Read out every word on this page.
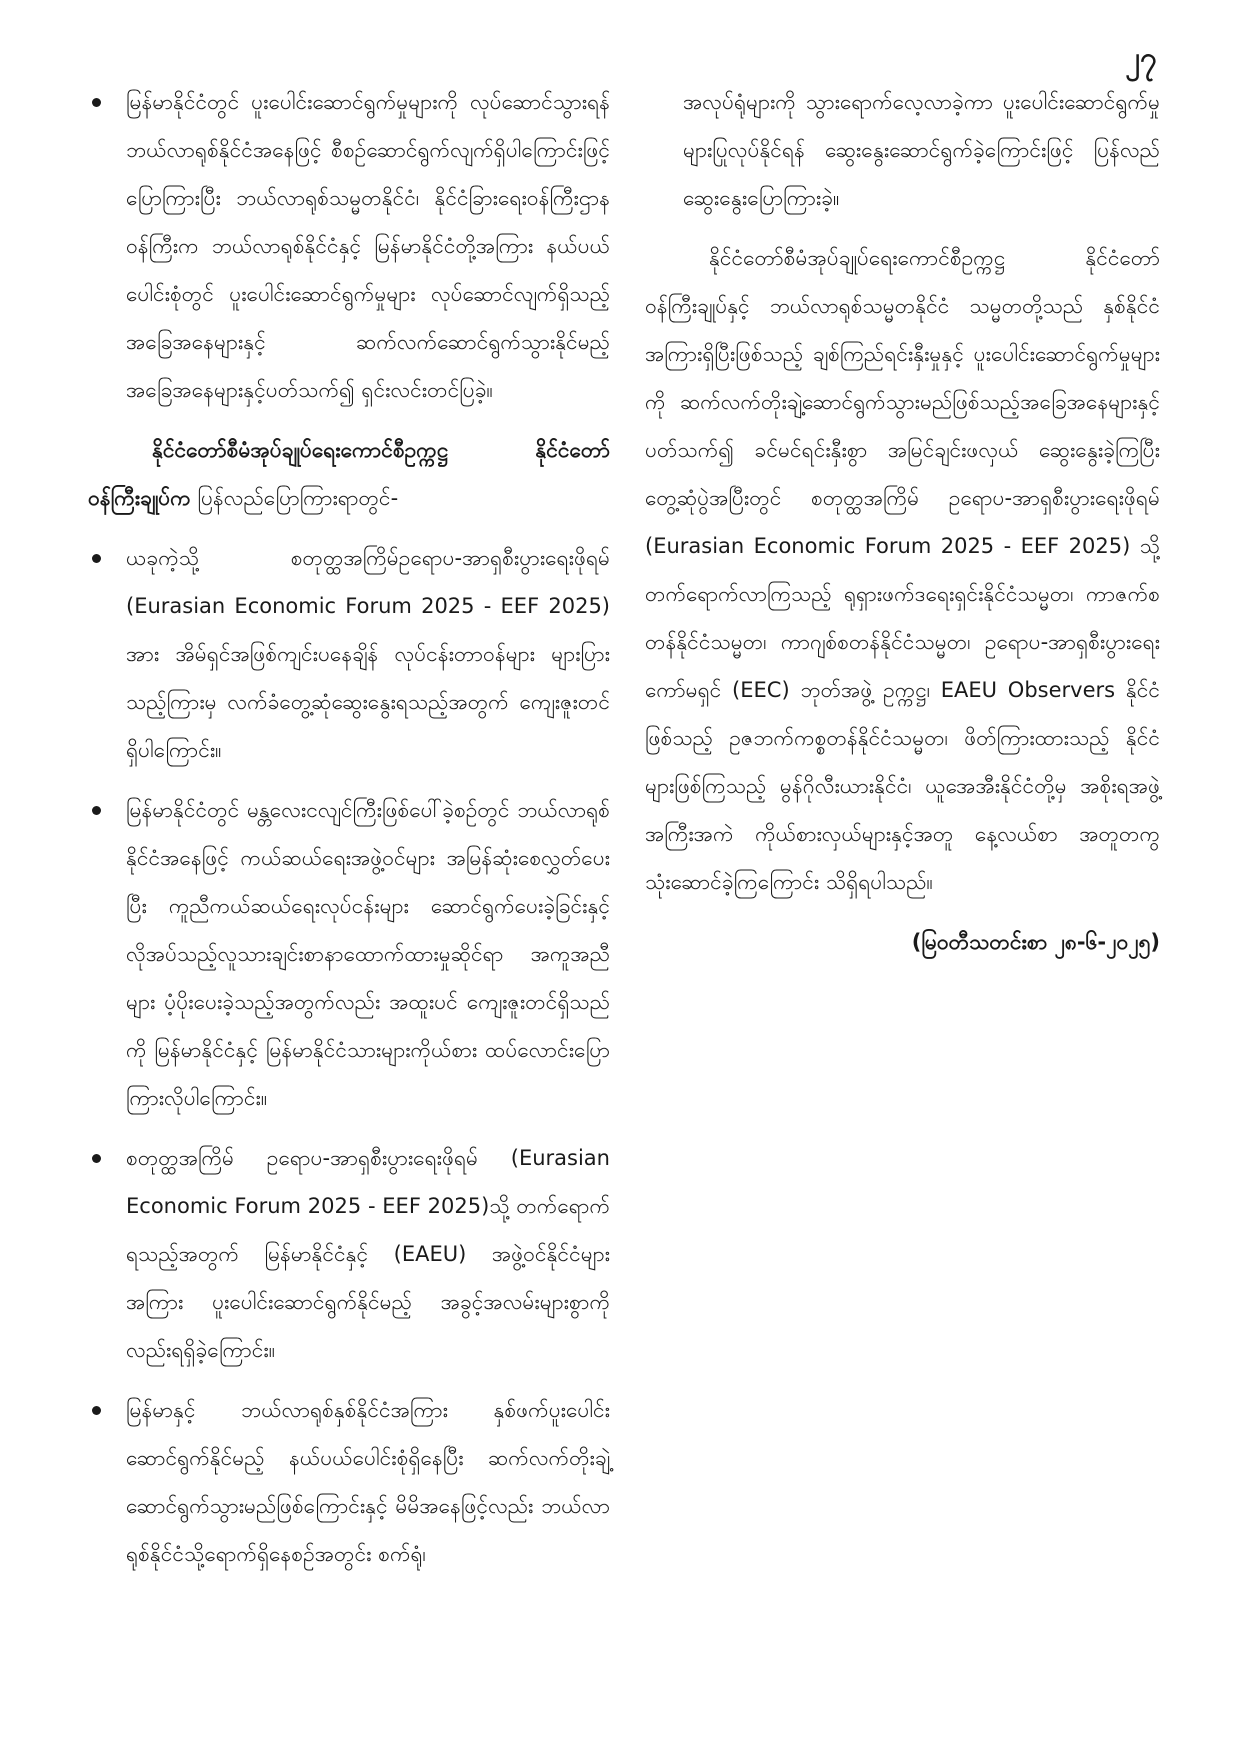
၂၇
မြန်မာနိုင်ငံတွင် ပူးပေါင်းဆောင်ရွက်မှုများကို လုပ်ဆောင်သွားရန် ဘယ်လာရုစ်နိုင်ငံအနေဖြင့် စီစဉ်ဆောင်ရွက်လျက်ရှိပါကြောင်းဖြင့် ပြောကြားပြီး ဘယ်လာရုစ်သမ္မတနိုင်ငံ၊ နိုင်ငံခြားရေးဝန်ကြီးဌာနဝန်ကြီးက ဘယ်လာရုစ်နိုင်ငံနှင့် မြန်မာနိုင်ငံတို့အကြား နယ်ပယ်ပေါင်းစုံတွင် ပူးပေါင်းဆောင်ရွက်မှုများ လုပ်ဆောင်လျက်ရှိသည့်အခြေအနေများနှင့် ဆက်လက်ဆောင်ရွက်သွားနိုင်မည့်အခြေအနေများနှင့်ပတ်သက်၍ ရှင်းလင်းတင်ပြခဲ့။

နိုင်ငံတော်စီမံအုပ်ချုပ်ရေးကောင်စီဥက္ကဋ္ဌ နိုင်ငံတော်ဝန်ကြီးချုပ်က ပြန်လည်ပြောကြားရာတွင်-

ယခုကဲ့သို့ စတုတ္ထအကြိမ်ဥရောပ-အာရှစီးပွားရေးဖိုရမ် (Eurasian Economic Forum 2025 - EEF 2025) အား အိမ်ရှင်အဖြစ်ကျင်းပနေချိန် လုပ်ငန်းတာဝန်များ များပြားသည့်ကြားမှ လက်ခံတွေ့ဆုံဆွေးနွေးရသည့်အတွက် ကျေးဇူးတင်ရှိပါကြောင်း။
မြန်မာနိုင်ငံတွင် မန္တလေးငလျင်ကြီးဖြစ်ပေါ်ခဲ့စဉ်တွင် ဘယ်လာရုစ်နိုင်ငံအနေဖြင့် ကယ်ဆယ်ရေးအဖွဲ့ဝင်များ အမြန်ဆုံးစေလွှတ်ပေးပြီး ကူညီကယ်ဆယ်ရေးလုပ်ငန်းများ ဆောင်ရွက်ပေးခဲ့ခြင်းနှင့် လိုအပ်သည့်လူသားချင်းစာနာထောက်ထားမှုဆိုင်ရာ အကူအညီများ ပံ့ပိုးပေးခဲ့သည့်အတွက်လည်း အထူးပင် ကျေးဇူးတင်ရှိသည်ကို မြန်မာနိုင်ငံနှင့် မြန်မာနိုင်ငံသားများကိုယ်စား ထပ်လောင်းပြောကြားလိုပါကြောင်း။
စတုတ္ထအကြိမ် ဥရောပ-အာရှစီးပွားရေးဖိုရမ် (Eurasian Economic Forum 2025 - EEF 2025)သို့ တက်ရောက်ရသည့်အတွက် မြန်မာနိုင်ငံနှင့် (EAEU) အဖွဲ့ဝင်နိုင်ငံများအကြား ပူးပေါင်းဆောင်ရွက်နိုင်မည့် အခွင့်အလမ်းများစွာကိုလည်းရရှိခဲ့ကြောင်း။
မြန်မာနှင့် ဘယ်လာရုစ်နှစ်နိုင်ငံအကြား နှစ်ဖက်ပူးပေါင်းဆောင်ရွက်နိုင်မည့် နယ်ပယ်ပေါင်းစုံရှိနေပြီး ဆက်လက်တိုးချဲ့ဆောင်ရွက်သွားမည်ဖြစ်ကြောင်းနှင့် မိမိအနေဖြင့်လည်း ဘယ်လာရုစ်နိုင်ငံသို့ရောက်ရှိနေစဉ်အတွင်း စက်ရုံ၊

အလုပ်ရုံများကို သွားရောက်လေ့လာခဲ့ကာ ပူးပေါင်းဆောင်ရွက်မှုများပြုလုပ်နိုင်ရန် ဆွေးနွေးဆောင်ရွက်ခဲ့ကြောင်းဖြင့် ပြန်လည်ဆွေးနွေးပြောကြားခဲ့။

နိုင်ငံတော်စီမံအုပ်ချုပ်ရေးကောင်စီဥက္ကဋ္ဌ နိုင်ငံတော်ဝန်ကြီးချုပ်နှင့် ဘယ်လာရုစ်သမ္မတနိုင်ငံ သမ္မတတို့သည် နှစ်နိုင်ငံအကြားရှိပြီးဖြစ်သည့် ချစ်ကြည်ရင်းနှီးမှုနှင့် ပူးပေါင်းဆောင်ရွက်မှုများကို ဆက်လက်တိုးချဲ့ဆောင်ရွက်သွားမည်ဖြစ်သည့်အခြေအနေများနှင့်ပတ်သက်၍ ခင်မင်ရင်းနှီးစွာ အမြင်ချင်းဖလှယ် ဆွေးနွေးခဲ့ကြပြီး တွေ့ဆုံပွဲအပြီးတွင် စတုတ္ထအကြိမ် ဥရောပ-အာရှစီးပွားရေးဖိုရမ် (Eurasian Economic Forum 2025 - EEF 2025) သို့တက်ရောက်လာကြသည့် ရုရှားဖက်ဒရေးရှင်းနိုင်ငံသမ္မတ၊ ကာဇက်စတန်နိုင်ငံသမ္မတ၊ ကာဂျစ်စတန်နိုင်ငံသမ္မတ၊ ဥရောပ-အာရှစီးပွားရေးကော်မရှင် (EEC) ဘုတ်အဖွဲ့ ဥက္ကဋ္ဌ၊ EAEU Observers နိုင်ငံဖြစ်သည့် ဥဇဘက်ကစ္စတန်နိုင်ငံသမ္မတ၊ ဖိတ်ကြားထားသည့် နိုင်ငံများဖြစ်ကြသည့် မွန်ဂိုလီးယားနိုင်ငံ၊ ယူအေအီးနိုင်ငံတို့မှ အစိုးရအဖွဲ့အကြီးအကဲ ကိုယ်စားလှယ်များနှင့်အတူ နေ့လယ်စာ အတူတကွ သုံးဆောင်ခဲ့ကြကြောင်း သိရှိရပါသည်။

(မြဝတီသတင်းစာ ၂၈-၆-၂၀၂၅)
